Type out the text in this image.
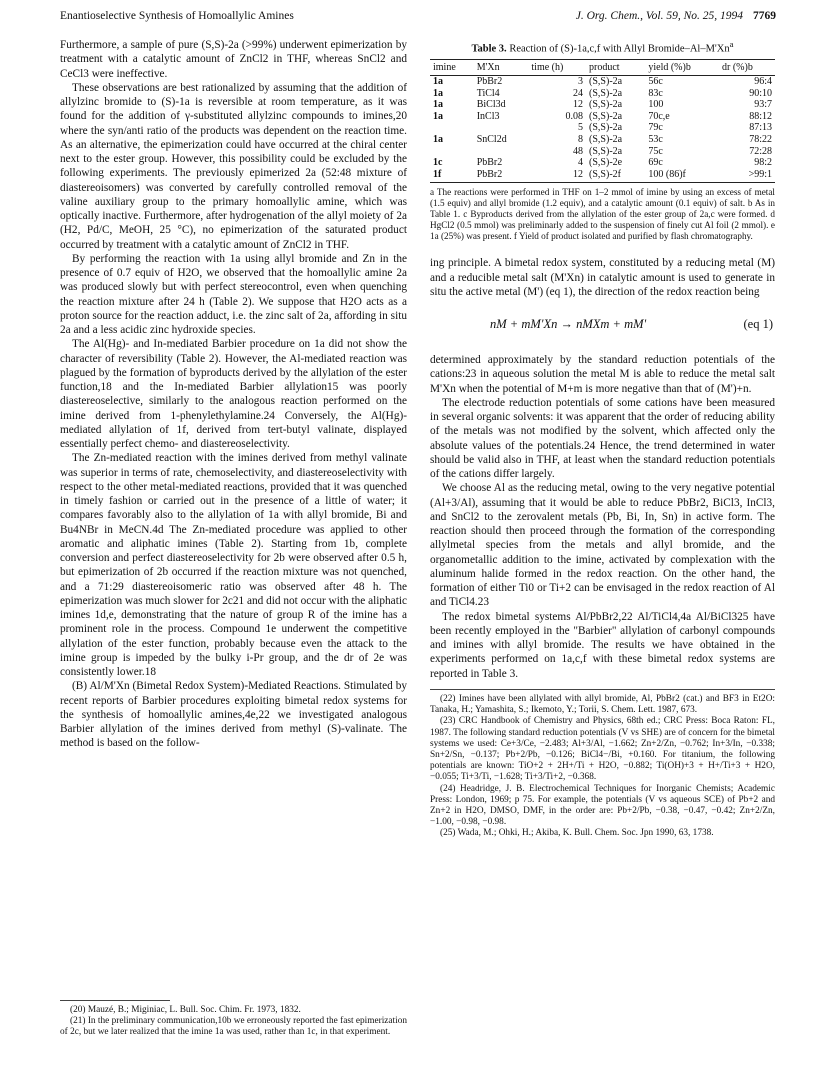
Enantioselective Synthesis of Homoallylic Amines	J. Org. Chem., Vol. 59, No. 25, 1994 7769

Furthermore, a sample of pure (S,S)-2a (>99%) underwent epimerization by treatment with a catalytic amount of ZnCl2 in THF, whereas SnCl2 and CeCl3 were ineffective.

These observations are best rationalized by assuming that the addition of allylzinc bromide to (S)-1a is reversible at room temperature, as it was found for the addition of γ-substituted allylzinc compounds to imines,20 where the syn/anti ratio of the products was dependent on the reaction time. As an alternative, the epimerization could have occurred at the chiral center next to the ester group. However, this possibility could be excluded by the following experiments. The previously epimerized 2a (52:48 mixture of diastereoisomers) was converted by carefully controlled removal of the valine auxiliary group to the primary homoallylic amine, which was optically inactive. Furthermore, after hydrogenation of the allyl moiety of 2a (H2, Pd/C, MeOH, 25 °C), no epimerization of the saturated product occurred by treatment with a catalytic amount of ZnCl2 in THF.

By performing the reaction with 1a using allyl bromide and Zn in the presence of 0.7 equiv of H2O, we observed that the homoallylic amine 2a was produced slowly but with perfect stereocontrol, even when quenching the reaction mixture after 24 h (Table 2). We suppose that H2O acts as a proton source for the reaction adduct, i.e. the zinc salt of 2a, affording in situ 2a and a less acidic zinc hydroxide species.

The Al(Hg)- and In-mediated Barbier procedure on 1a did not show the character of reversibility (Table 2). However, the Al-mediated reaction was plagued by the formation of byproducts derived by the allylation of the ester function,18 and the In-mediated Barbier allylation15 was poorly diastereoselective, similarly to the analogous reaction performed on the imine derived from 1-phenylethylamine.24 Conversely, the Al(Hg)-mediated allylation of 1f, derived from tert-butyl valinate, displayed essentially perfect chemo- and diastereoselectivity.

The Zn-mediated reaction with the imines derived from methyl valinate was superior in terms of rate, chemoselectivity, and diastereoselectivity with respect to the other metal-mediated reactions, provided that it was quenched in timely fashion or carried out in the presence of a little of water; it compares favorably also to the allylation of 1a with allyl bromide, Bi and Bu4NBr in MeCN.4d The Zn-mediated procedure was applied to other aromatic and aliphatic imines (Table 2). Starting from 1b, complete conversion and perfect diastereoselectivity for 2b were observed after 0.5 h, but epimerization of 2b occurred if the reaction mixture was not quenched, and a 71:29 diastereoisomeric ratio was observed after 48 h. The epimerization was much slower for 2c21 and did not occur with the aliphatic imines 1d,e, demonstrating that the nature of group R of the imine has a prominent role in the process. Compound 1e underwent the competitive allylation of the ester function, probably because even the attack to the imine group is impeded by the bulky i-Pr group, and the dr of 2e was consistently lower.18

(B) Al/M'Xn (Bimetal Redox System)-Mediated Reactions. Stimulated by recent reports of Barbier procedures exploiting bimetal redox systems for the synthesis of homoallylic amines,4e,22 we investigated analogous Barbier allylation of the imines derived from methyl (S)-valinate. The method is based on the follow-

(20) Mauzé, B.; Miginiac, L. Bull. Soc. Chim. Fr. 1973, 1832.

(21) In the preliminary communication,10b we erroneously reported the fast epimerization of 2c, but we later realized that the imine 1a was used, rather than 1c, in that experiment.

Table 3. Reaction of (S)-1a,c,f with Allyl Bromide–Al–M'Xn$^a$
imine	M'Xn	time (h)	product	yield (%)b	dr (%)b
1a	PbBr2	3	(S,S)-2a	56c	96:4
1a	TiCl4	24	(S,S)-2a	83c	90:10
1a	BiCl3d	12	(S,S)-2a	100	93:7
1a	InCl3	0.08	(S,S)-2a	70c,e	88:12
		5	(S,S)-2a	79c	87:13
1a	SnCl2d	8	(S,S)-2a	53c	78:22
		48	(S,S)-2a	75c	72:28
1c	PbBr2	4	(S,S)-2e	69c	98:2
1f	PbBr2	12	(S,S)-2f	100 (86)f	>99:1
a The reactions were performed in THF on 1–2 mmol of imine by using an excess of metal (1.5 equiv) and allyl bromide (1.2 equiv), and a catalytic amount (0.1 equiv) of salt. b As in Table 1. c Byproducts derived from the allylation of the ester group of 2a,c were formed. d HgCl2 (0.5 mmol) was preliminarly added to the suspension of finely cut Al foil (2 mmol). e 1a (25%) was present. f Yield of product isolated and purified by flash chromatography.

ing principle. A bimetal redox system, constituted by a reducing metal (M) and a reducible metal salt (M'Xn) in catalytic amount is used to generate in situ the active metal (M') (eq 1), the direction of the redox reaction being

nM + mM'Xn → nMXm + mM'	(eq 1)

determined approximately by the standard reduction potentials of the cations:23 in aqueous solution the metal M is able to reduce the metal salt M'Xn when the potential of M+m is more negative than that of (M')+n.

The electrode reduction potentials of some cations have been measured in several organic solvents: it was apparent that the order of reducing ability of the metals was not modified by the solvent, which affected only the absolute values of the potentials.24 Hence, the trend determined in water should be valid also in THF, at least when the standard reduction potentials of the cations differ largely.

We choose Al as the reducing metal, owing to the very negative potential (Al+3/Al), assuming that it would be able to reduce PbBr2, BiCl3, InCl3, and SnCl2 to the zerovalent metals (Pb, Bi, In, Sn) in active form. The reaction should then proceed through the formation of the corresponding allylmetal species from the metals and allyl bromide, and the organometallic addition to the imine, activated by complexation with the aluminum halide formed in the redox reaction. On the other hand, the formation of either Ti0 or Ti+2 can be envisaged in the redox reaction of Al and TiCl4.23

The redox bimetal systems Al/PbBr2,22 Al/TiCl4,4a Al/BiCl325 have been recently employed in the "Barbier" allylation of carbonyl compounds and imines with allyl bromide. The results we have obtained in the experiments performed on 1a,c,f with these bimetal redox systems are reported in Table 3.

(22) Imines have been allylated with allyl bromide, Al, PbBr2 (cat.) and BF3 in Et2O: Tanaka, H.; Yamashita, S.; Ikemoto, Y.; Torii, S. Chem. Lett. 1987, 673.

(23) CRC Handbook of Chemistry and Physics, 68th ed.; CRC Press: Boca Raton: FL, 1987. The following standard reduction potentials (V vs SHE) are of concern for the bimetal systems we used: Ce+3/Ce, −2.483; Al+3/Al, −1.662; Zn+2/Zn, −0.762; In+3/In, −0.338; Sn+2/Sn, −0.137; Pb+2/Pb, −0.126; BiCl4−/Bi, +0.160. For titanium, the following potentials are known: TiO+2 + 2H+/Ti + H2O, −0.882; Ti(OH)+3 + H+/Ti+3 + H2O, −0.055; Ti+3/Ti, −1.628; Ti+3/Ti+2, −0.368.

(24) Headridge, J. B. Electrochemical Techniques for Inorganic Chemists; Academic Press: London, 1969; p 75. For example, the potentials (V vs aqueous SCE) of Pb+2 and Zn+2 in H2O, DMSO, DMF, in the order are: Pb+2/Pb, −0.38, −0.47, −0.42; Zn+2/Zn, −1.00, −0.98, −0.98.

(25) Wada, M.; Ohki, H.; Akiba, K. Bull. Chem. Soc. Jpn 1990, 63, 1738.
